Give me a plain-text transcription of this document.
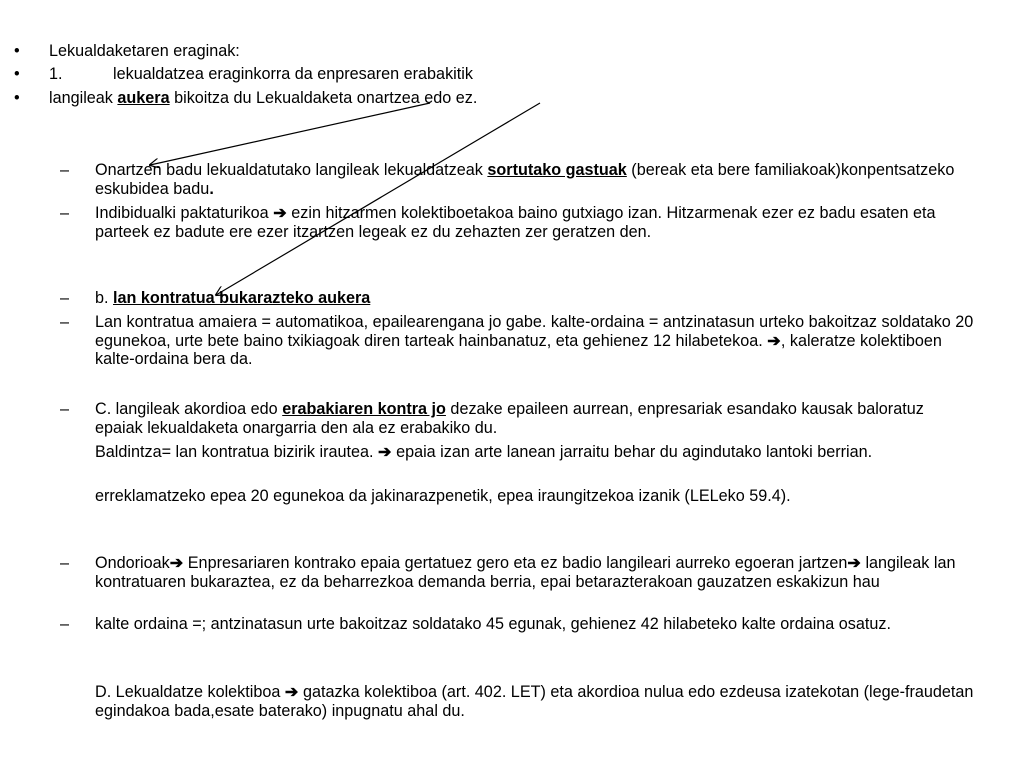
• Lekualdaketaren eraginak:
• 1.	lekualdatzea eraginkorra da enpresaren erabakitik
• langileak aukera bikoitza du Lekualdaketa onartzea edo ez.
– Onartzen badu lekualdatutako langileak lekualdatzeak sortutako gastuak (bereak eta bere familiakoak)konpentsatzeko eskubidea badu.
– Indibidualki paktaturikoa ➔ ezin hitzarmen kolektiboetakoa baino gutxiago izan. Hitzarmenak ezer ez badu esaten eta parteek ez badute ere ezer itzartzen legeak ez du zehazten zer geratzen den.
– b. lan kontratua bukarazteko aukera
– Lan kontratua amaiera = automatikoa, epailearengana jo gabe. kalte-ordaina = antzinatasun urteko bakoitzaz soldatako 20 egunekoa, urte bete baino txikiagoak diren tarteak hainbanatuz, eta gehienez 12 hilabetekoa. ➔, kaleratze kolektiboen kalte-ordaina bera da.
– C. langileak akordioa edo erabakiaren kontra jo dezake epaileen aurrean, enpresariak esandako kausak baloratuz epaiak lekualdaketa onargarria den ala ez erabakiko du.
Baldintza= lan kontratua bizirik irautea. ➔ epaia izan arte lanean jarraitu behar du agindutako lantoki berrian.
erreklamatzeko epea 20 egunekoa da jakinarazpenetik, epea iraungitzekoa izanik (LELeko 59.4).
– Ondorioak➔ Enpresariaren kontrako epaia gertatuez gero eta ez badio langileari aurreko egoeran jartzen➔ langileak lan kontratuaren bukaraztea, ez da beharrezkoa demanda berria, epai betarazterakoan gauzatzen eskakizun hau
– kalte ordaina =; antzinatasun urte bakoitzaz soldatako 45 egunak, gehienez 42 hilabeteko kalte ordaina osatuz.
D. Lekualdatze kolektiboa ➔ gatazka kolektiboa (art. 402. LET) eta akordioa nulua edo ezdeusa izatekotan (lege-fraudetan egindakoa bada,esate baterako) inpugnatu ahal du.
